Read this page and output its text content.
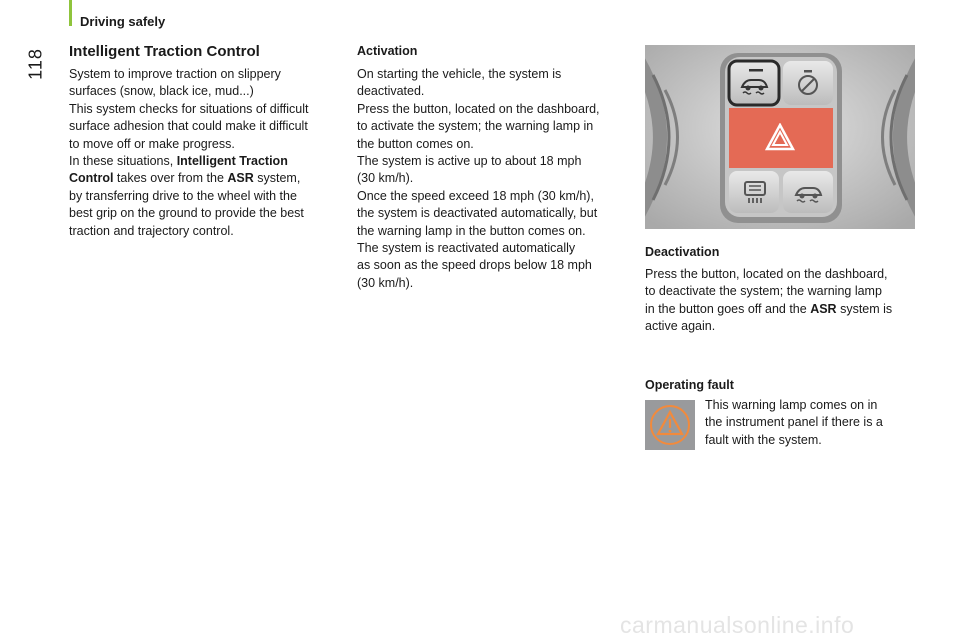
Driving safely
118 Intelligent Traction Control
System to improve traction on slippery
surfaces (snow, black ice, mud...)
This system checks for situations of difficult
surface adhesion that could make it difficult
to move off or make progress.
In these situations, Intelligent Traction
Control takes over from the ASR system,
by transferring drive to the wheel with the
best grip on the ground to provide the best
traction and trajectory control.
Activation
On starting the vehicle, the system is
deactivated.
Press the button, located on the dashboard,
to activate the system; the warning lamp in
the button comes on.
The system is active up to about 18 mph
(30 km/h).
Once the speed exceed 18 mph (30 km/h),
the system is deactivated automatically, but
the warning lamp in the button comes on.
The system is reactivated automatically
as soon as the speed drops below 18 mph
(30 km/h).
Deactivation
Press the button, located on the dashboard,
to deactivate the system; the warning lamp
in the button goes off and the ASR system is
active again.
Operating fault
This warning lamp comes on in
the instrument panel if there is a
fault with the system.
carmanualsonline.info
